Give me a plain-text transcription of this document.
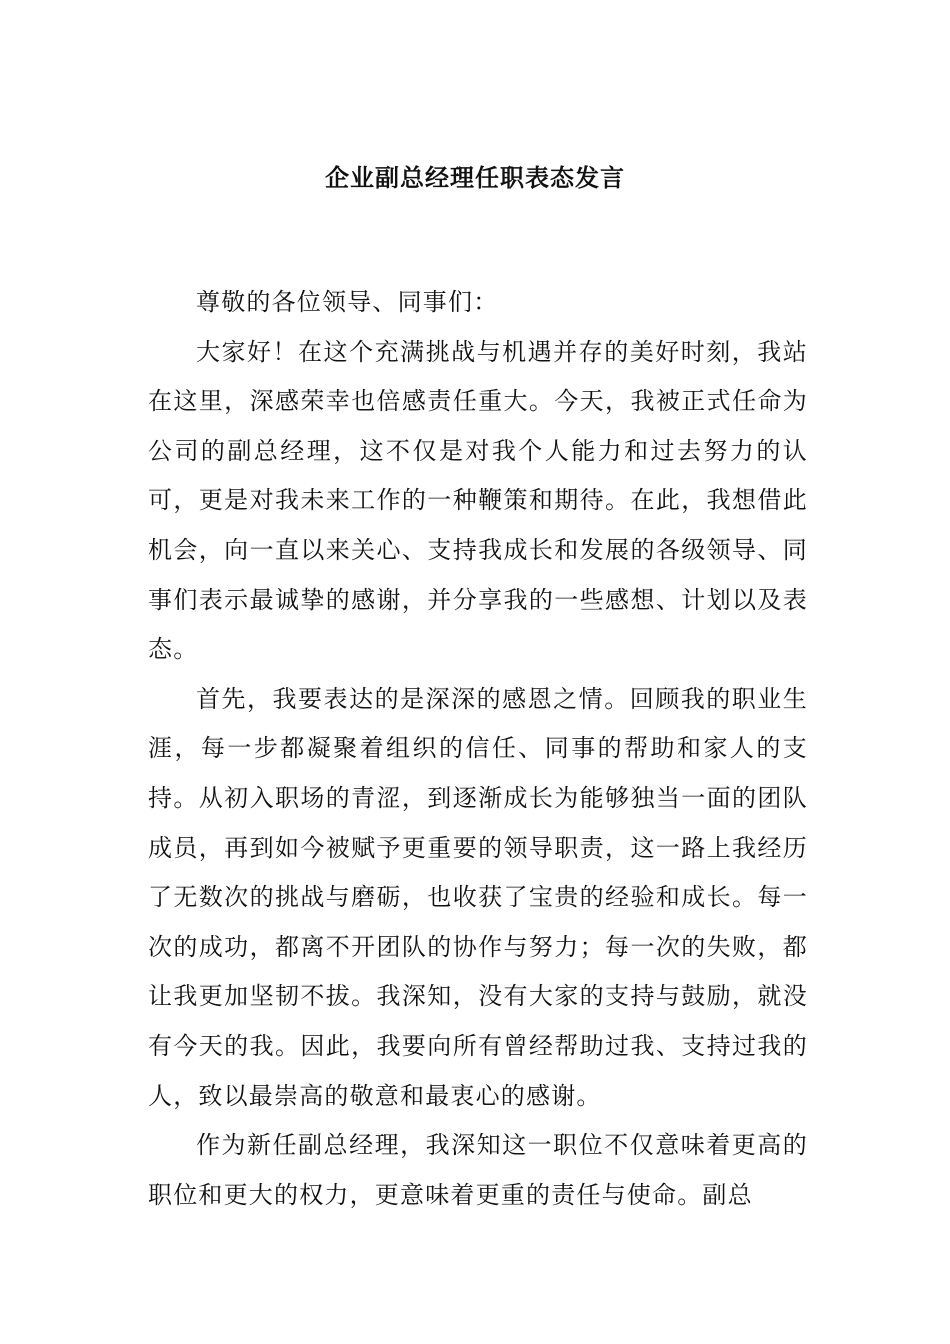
企业副总经理任职表态发言

尊敬的各位领导、同事们：

大家好！在这个充满挑战与机遇并存的美好时刻，我站在这里，深感荣幸也倍感责任重大。今天，我被正式任命为公司的副总经理，这不仅是对我个人能力和过去努力的认可，更是对我未来工作的一种鞭策和期待。在此，我想借此机会，向一直以来关心、支持我成长和发展的各级领导、同事们表示最诚挚的感谢，并分享我的一些感想、计划以及表态。

首先，我要表达的是深深的感恩之情。回顾我的职业生涯，每一步都凝聚着组织的信任、同事的帮助和家人的支持。从初入职场的青涩，到逐渐成长为能够独当一面的团队成员，再到如今被赋予更重要的领导职责，这一路上我经历了无数次的挑战与磨砺，也收获了宝贵的经验和成长。每一次的成功，都离不开团队的协作与努力；每一次的失败，都让我更加坚韧不拔。我深知，没有大家的支持与鼓励，就没有今天的我。因此，我要向所有曾经帮助过我、支持过我的人，致以最崇高的敬意和最衷心的感谢。

作为新任副总经理，我深知这一职位不仅意味着更高的职位和更大的权力，更意味着更重的责任与使命。副总
